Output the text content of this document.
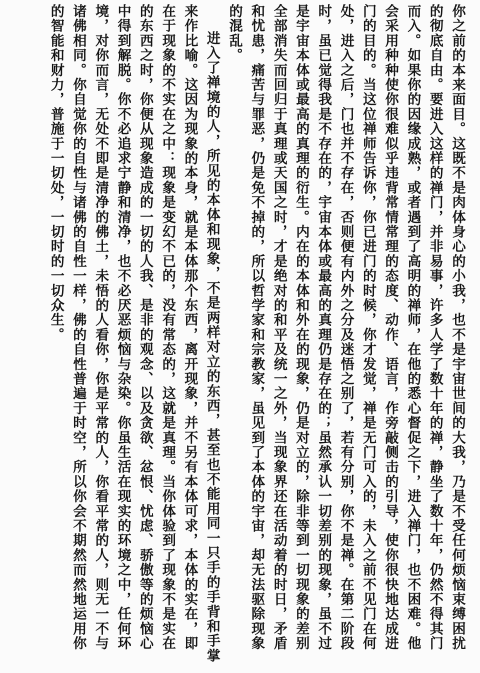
你之前的本来面目。这既不是肉体身心的小我，也不是宇宙世间的大我，乃是不受任何烦恼束缚困扰的彻底自由。要进入这样的禅门，并非易事，许多人学了数十年的禅，静坐了数十年，仍然不得其门而入。如果你的因缘成熟，或者遇到了高明的禅师，在他的悉心督促之下，进入禅门，也不困难。他会采用种种使你很难似乎违背常情常理的态度、动作、语言，作旁敲侧击的引导，使你很快地达成进门的目的。当这位禅师告诉你，你已进门的时候，你才发觉，禅是无门可入的，未入之前不见门在何处，进入之后，门也并不存在，否则便有内外之分及迷悟之别了，若有分别，你不是禅。在第二阶段时，虽已觉得我是不存在的，宇宙本体或最高的真理仍是存在的；虽然承认一切差别的现象，虽不过是宇宙本体或最高的真理的衍生。内在的本体和外在的现象，仍是对立的，除非等到一切现象的差别全部消失而回归于真理或天国之时，才是绝对的和平及统一之外，当现象界还在活动着的时日，矛盾和忧患，痛苦与罪恶，仍是免不掉的，所以哲学家和宗教家，虽见到了本体的宇宙，却无法驱除现象的混乱。

进入了禅境的人，所见的本体和现象，不是两样对立的东西，甚至也不能用同一只手的手背和手掌来作比喻。这因为现象的本身，就是本体那个东西，离开现象，并不另有本体可求，本体的实在，即在于现象的不实在之中：现象是变幻不已的，没有常态的，这就是真理。当你体验到了现象不是实在的东西之时，你便从现象造成的一切的人我、是非的观念、以及贪欲、忿恨、忧虑、骄傲等的烦恼心中得到解脱。你不必追求宁静和清净，也不必厌恶烦恼与杂染。你虽生活在现实的环境之中，任何环境，对你而言，无处不即是清净的佛土，未悟的人看你，你是平常的人，你看平常的人，则无一不与诸佛相同。你自觉你的自性与诸佛的自性一样，佛的自性普遍于时空，所以你会不期然而然地运用你的智能和财力，普施于一切处，一切时的一切众生。
